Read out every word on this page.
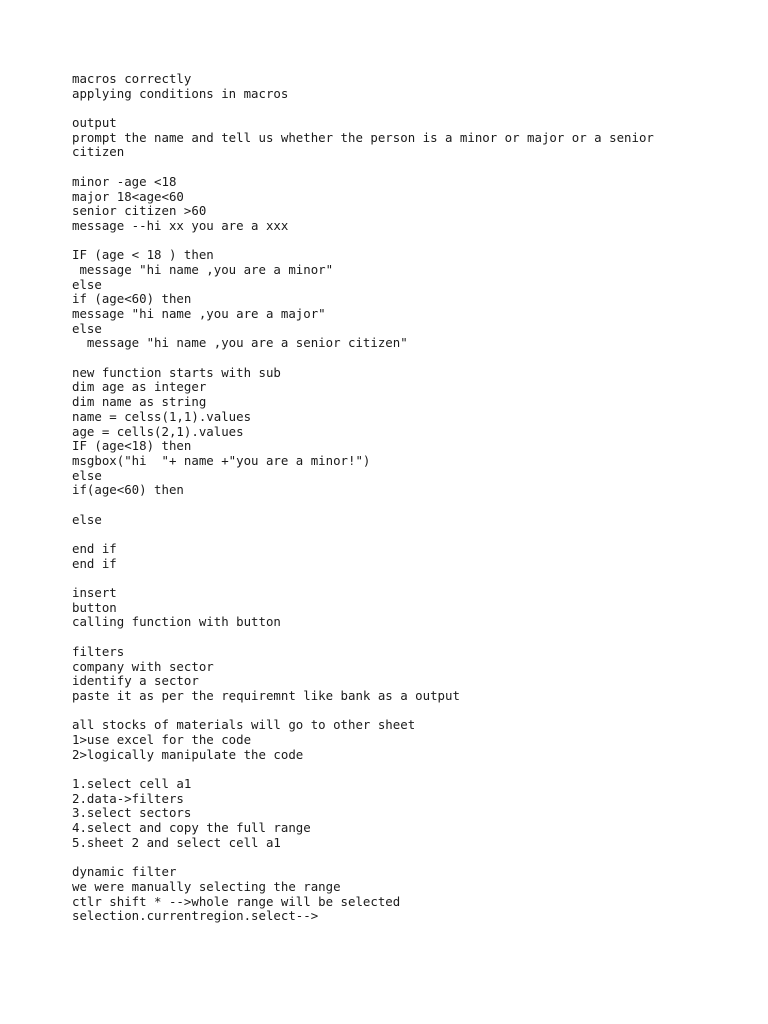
macros correctly
applying conditions in macros
output
prompt the name and tell us whether the person is a minor or major or a senior
citizen
minor -age <18
major 18<age<60
senior citizen >60
message --hi xx you are a xxx
IF (age < 18 ) then
message "hi name ,you are a minor"
else
if (age<60) then
message "hi name ,you are a major"
else
message "hi name ,you are a senior citizen"
new function starts with sub
dim age as integer
dim name as string
name = celss(1,1).values
age = cells(2,1).values
IF (age<18) then
msgbox("hi  "+ name +"you are a minor!")
else
if(age<60) then
else
end if
end if
insert
button
calling function with button
filters
company with sector
identify a sector
paste it as per the requiremnt like bank as a output
all stocks of materials will go to other sheet
1>use excel for the code
2>logically manipulate the code
1.select cell a1
2.data->filters
3.select sectors
4.select and copy the full range
5.sheet 2 and select cell a1
dynamic filter
we were manually selecting the range
ctlr shift * -->whole range will be selected
selection.currentregion.select-->
